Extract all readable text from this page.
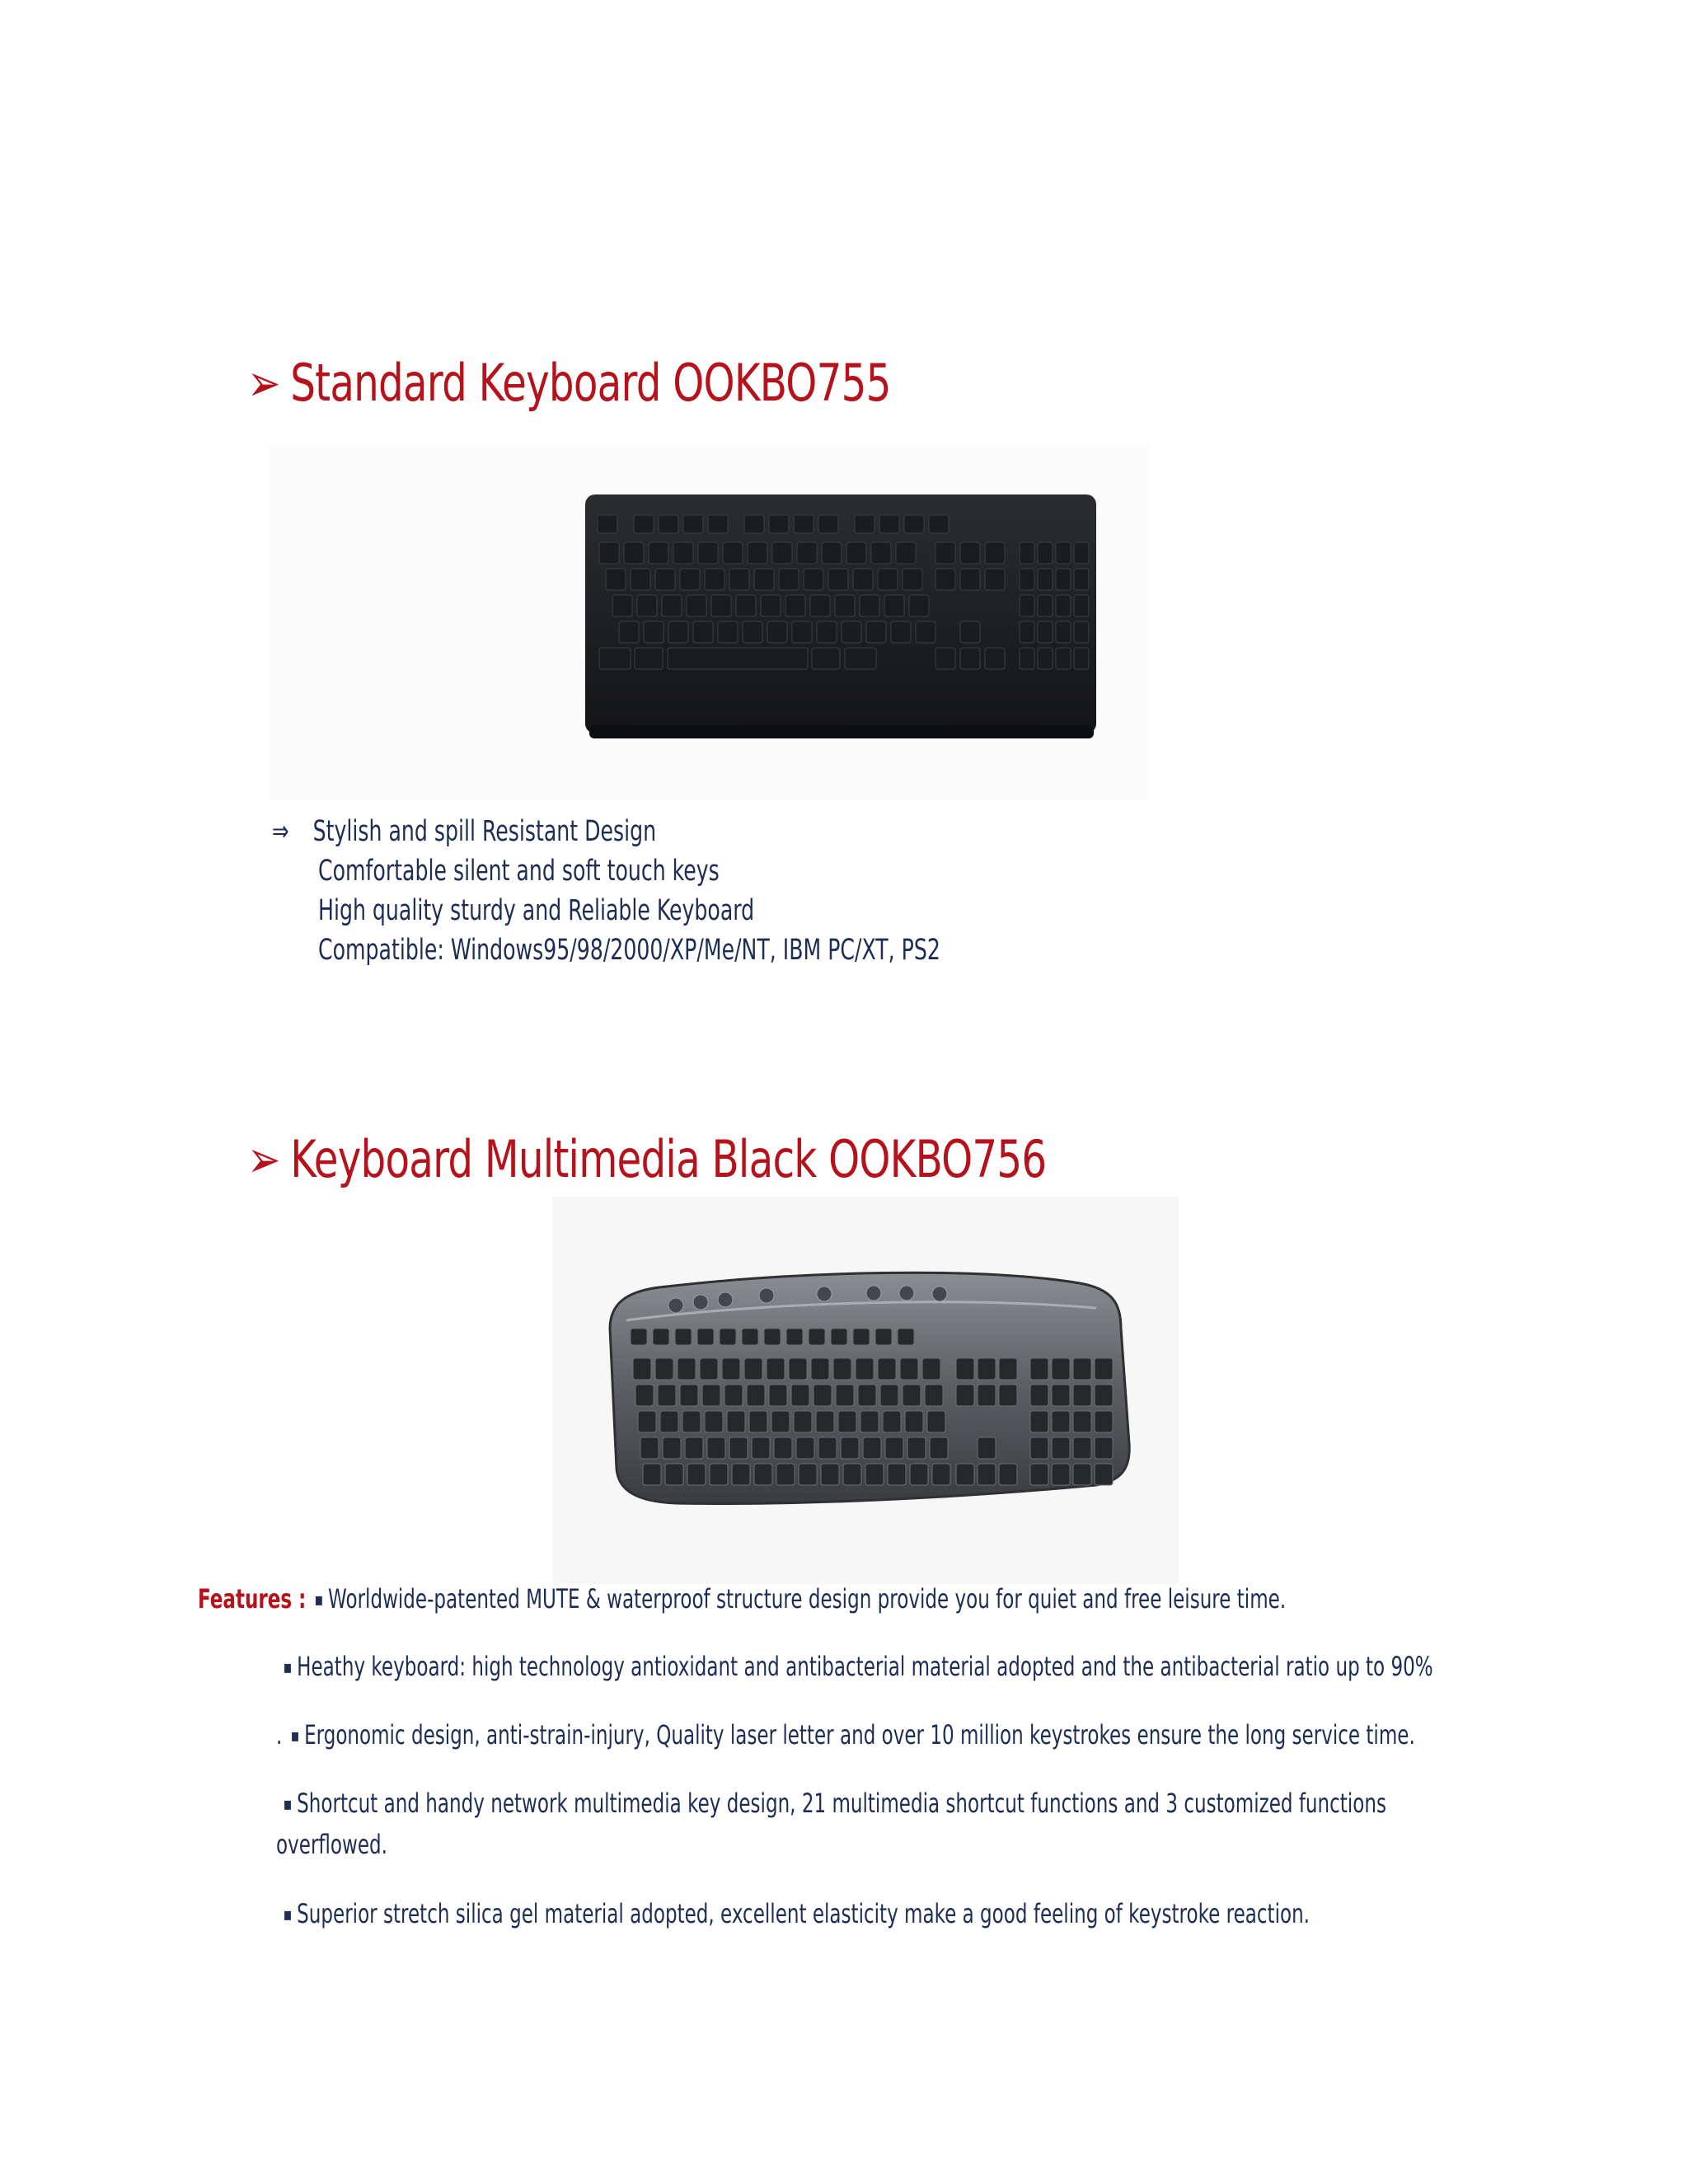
➢ Standard Keyboard OOKBO755
⇒ Stylish and spill Resistant Design
Comfortable silent and soft touch keys
High quality sturdy and Reliable Keyboard
Compatible: Windows95/98/2000/XP/Me/NT, IBM PC/XT, PS2
➢ Keyboard Multimedia Black OOKBO756
Features : ▪ Worldwide-patented MUTE & waterproof structure design provide you for quiet and free leisure time.
▪ Heathy keyboard: high technology antioxidant and antibacterial material adopted and the antibacterial ratio up to 90%
. ▪ Ergonomic design, anti-strain-injury, Quality laser letter and over 10 million keystrokes ensure the long service time.
▪ Shortcut and handy network multimedia key design, 21 multimedia shortcut functions and 3 customized functions
overflowed.
▪ Superior stretch silica gel material adopted, excellent elasticity make a good feeling of keystroke reaction.
